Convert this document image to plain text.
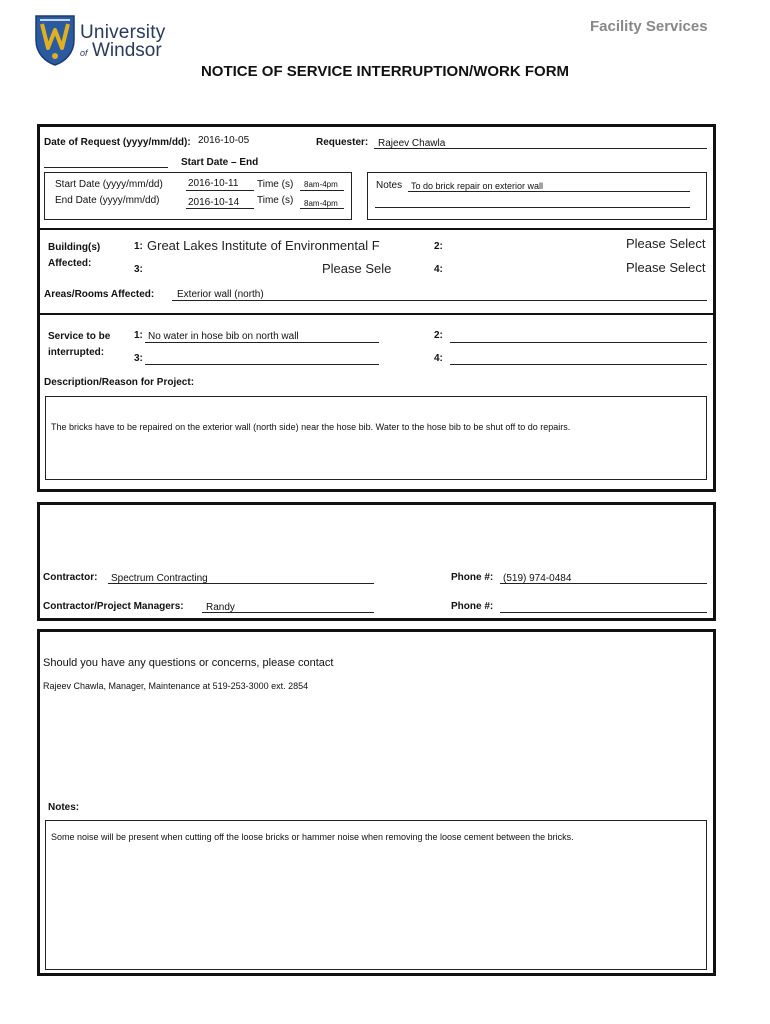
University
of Windsor
Facility Services
NOTICE OF SERVICE INTERRUPTION/WORK FORM
Date of Request (yyyy/mm/dd): 2016-10-05	Requester: Rajeev Chawla
Start Date – End
Start Date (yyyy/mm/dd)	2016-10-11 Time (s) 8am-4pm
End Date (yyyy/mm/dd)	2016-10-14 Time (s) 8am-4pm
Notes To do brick repair on exterior wall
Building(s)
Affected:
1: Great Lakes Institute of Environmental F	2:	Please Select
3:	Please Sele	4:	Please Select
Areas/Rooms Affected: Exterior wall (north)
Service to be
interrupted:
1: No water in hose bib on north wall	2:
3:	4:
Description/Reason for Project:
The bricks have to be repaired on the exterior wall (north side) near the hose bib. Water to the hose bib to be shut off to do repairs.
Contractor: Spectrum Contracting	Phone #: (519) 974-0484
Contractor/Project Managers: Randy	Phone #:
Should you have any questions or concerns, please contact
Rajeev Chawla, Manager, Maintenance at 519-253-3000 ext. 2854
Notes:
Some noise will be present when cutting off the loose bricks or hammer noise when removing the loose cement between the bricks.
